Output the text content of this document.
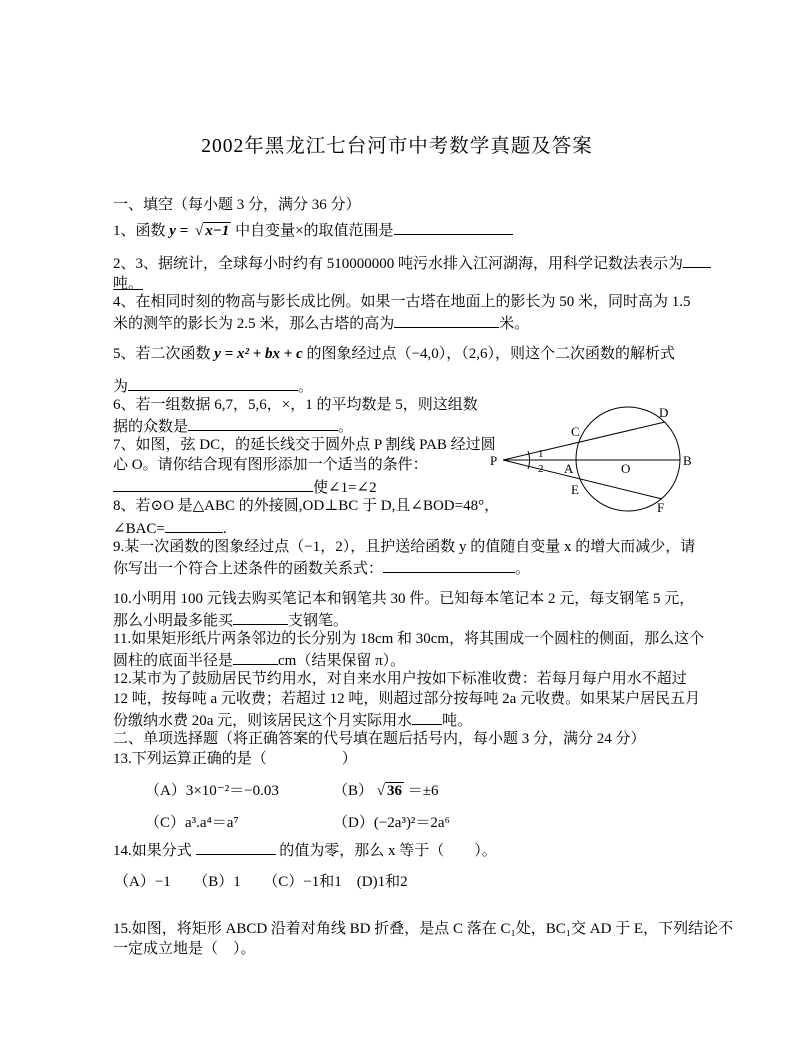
2002年黑龙江七台河市中考数学真题及答案
一、填空（每小题 3 分，满分 36 分）
1、函数 y = √ x−1 中自变量×的取值范围是
2、3、据统计，全球每小时约有 510000000 吨污水排入江河湖海，用科学记数法表示为
吨。
4、在相同时刻的物高与影长成比例。如果一古塔在地面上的影长为 50 米，同时高为 1.5
米的测竿的影长为 2.5 米，那么古塔的高为	米。
5、若二次函数 y = x² + bx + c 的图象经过点（−4,0），（2,6），则这个二次函数的解析式
为	。
6、若一组数据 6,7，5,6，×，1 的平均数是 5，则这组数
据的众数是	。
7、如图，弦 DC，的延长线交于圆外点 P 割线 PAB 经过圆
心 O。请你结合现有图形添加一个适当的条件：
使∠1=∠2
8、若⊙O 是△ABC 的外接圆,OD⊥BC 于 D,且∠BOD=48°，
∠BAC=	.
9.某一次函数的图象经过点（−1，2），且护送给函数 y 的值随自变量 x 的增大而减少，请
你写出一个符合上述条件的函数关系式：	。
10.小明用 100 元钱去购买笔记本和钢笔共 30 件。已知每本笔记本 2 元，每支钢笔 5 元，
那么小明最多能买	支钢笔。
11.如果矩形纸片两条邻边的长分别为 18cm 和 30cm，将其围成一个圆柱的侧面，那么这个
圆柱的底面半径是	cm（结果保留 π）。
12.某市为了鼓励居民节约用水，对自来水用户按如下标准收费：若每月每户用水不超过
12 吨，按每吨 a 元收费；若超过 12 吨，则超过部分按每吨 2a 元收费。如果某户居民五月
份缴纳水费 20a 元，则该居民这个月实际用水 吨。
二、单项选择题（将正确答案的代号填在题后括号内，每小题 3 分，满分 24 分）
13.下列运算正确的是（　　　　　）
（A）3×10⁻²＝−0.03	（B） √ 36 ＝±6
（C）a³.a⁴＝a⁷	（D）(−2a³)²＝2a⁶
14.如果分式	的值为零，那么 x 等于（　　）。
（A）−1　　（B）1　　（C）−1和1　(D)1和2
15.如图，将矩形 ABCD 沿着对角线 BD 折叠，是点 C 落在 C₁处，BC₁交 AD 于 E，下列结论不
一定成立地是（　）。
P
A	O
B
C
D
E
F
1
2
